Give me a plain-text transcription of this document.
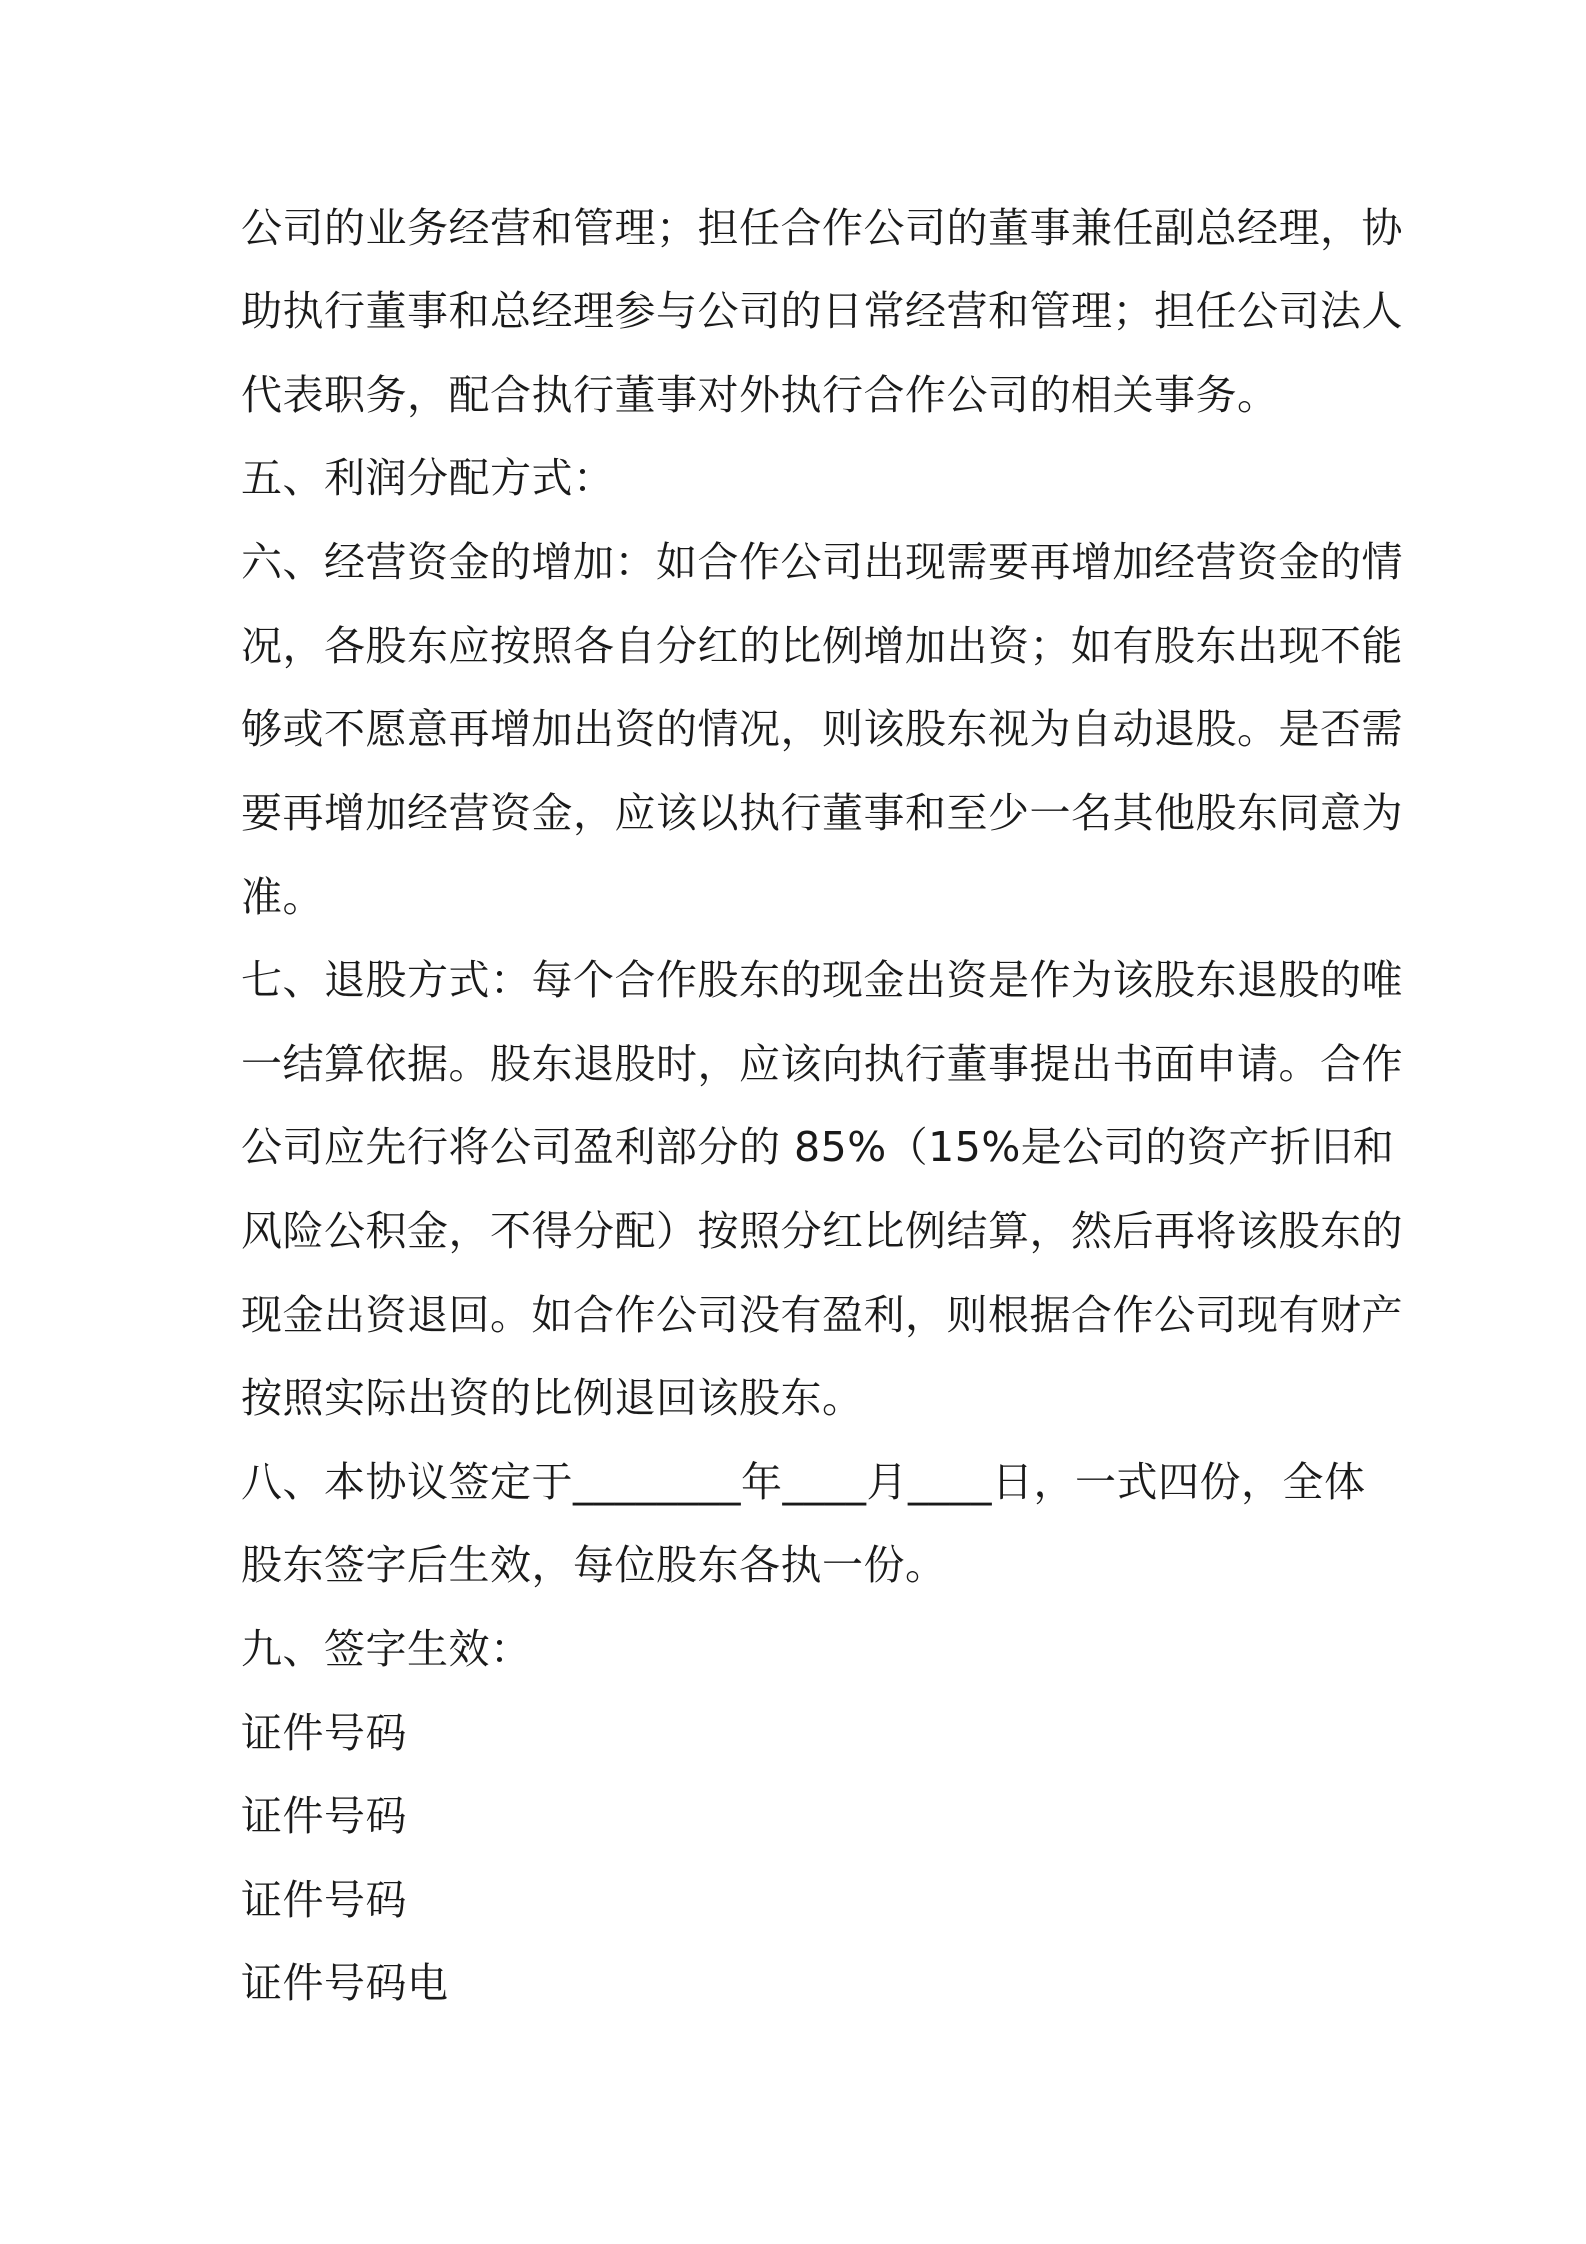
公司的业务经营和管理；担任合作公司的董事兼任副总经理，协
助执行董事和总经理参与公司的日常经营和管理；担任公司法人
代表职务，配合执行董事对外执行合作公司的相关事务。
五、利润分配方式：
六、经营资金的增加：如合作公司出现需要再增加经营资金的情
况，各股东应按照各自分红的比例增加出资；如有股东出现不能
够或不愿意再增加出资的情况，则该股东视为自动退股。是否需
要再增加经营资金，应该以执行董事和至少一名其他股东同意为
准。
七、退股方式：每个合作股东的现金出资是作为该股东退股的唯
一结算依据。股东退股时，应该向执行董事提出书面申请。合作
公司应先行将公司盈利部分的 85%（15%是公司的资产折旧和
风险公积金，不得分配）按照分红比例结算，然后再将该股东的
现金出资退回。如合作公司没有盈利，则根据合作公司现有财产
按照实际出资的比例退回该股东。
八、本协议签定于________年____月____日，一式四份，全体
股东签字后生效，每位股东各执一份。
九、签字生效：
证件号码
证件号码
证件号码
证件号码电
